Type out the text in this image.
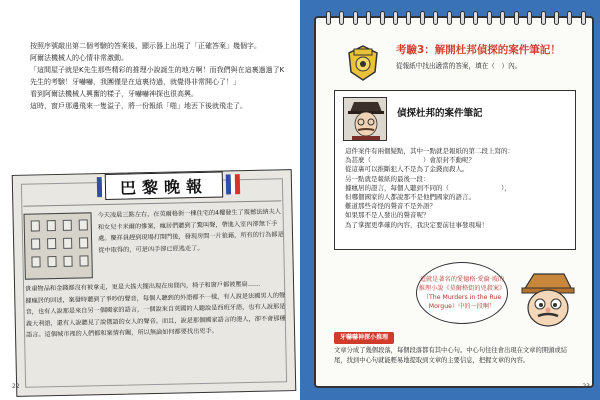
按照序號敲出第二個考驗的答案後，顯示器上出現了「正確答案」幾個字。

阿爾法機械人的心情非常激動。

「這間屋子就是K先生那些精彩的推理小說誕生的地方啊！而我們與在這裏過過了K先生的考驗！牙嚇嚇，我團僅是在這裏待過，就覺得非常開心了！」

看到阿爾法機械人興奮的樣子，牙嚇嚇神探也很高興。

這時，窗戶那邊飛來一隻溢子，將一份報紙「啪」地丟下後就飛走了。

巴黎晚報
今天凌晨三點左右，在英爾格街一棟住宅的4樓發生了震撼法納夫人和女兒卡米爾的慘案，瘋居們聽到了驚叫聲，帶進入室內卻無下手處。慶祥員趕到現場打開門後，發現房間一片狼藉，所有的行為都是從中取得的，可是凶手卻已經逃走了。
貴重物品和金錢都沒有被拿走，更是大搖大擺出現在房間內，椅子和窗戶都被壓扁……
據瘋居的回述，案發時聽到了爭吵的聲音，每個人聽到的外語都不一樣，有人說是法國男人的聲音，也有人說那是來自另一個國家的語言，一個說來自英國的人聽說是西班牙語，也有人說那是義大利語，還有人說聽見了說俄語的女人的聲音。而且，說是那個國家語言的證人，卻不會那種語言。這個城市裡的人們都和案情有關，所以無論如何都要找出兇手。
22
考驗3：解開杜邦偵探的案件筆記！
從報紙中找出適當的答案，填在（　）內。
偵探杜邦的案件筆記
這件案件有兩個疑點，其中一點就是報紙的第二段上寫的：
為甚麼（　　　　　　　　）會原封不動呢？
從這裏可以推斷犯人不是為了金錢而殺人。
另一點就是報紙的最後一段：
據瘋居的證言，每個人聽到不同的（　　　　　　　　），
但哪個國家的人都說那不是他們國家的語言。
難道那些奇怪的聲音不是外語？
如果那不是人發出的聲音呢？
為了掌握更準確的內容，我決定要前往事發現場！
這就是著名的愛德格·愛倫·坡的推理小說《莫爾格街的兇殺案》（The Murders in the Rue Morgue）中的一段啊！
牙嚇嚇神探小推理
文章分成了幾個段落，每個段落都有其中心句。中心句往往會出現在文章的開頭或結尾，找到中心句就能輕易地提取到文章的主要信息，把握文章的內容。
23
